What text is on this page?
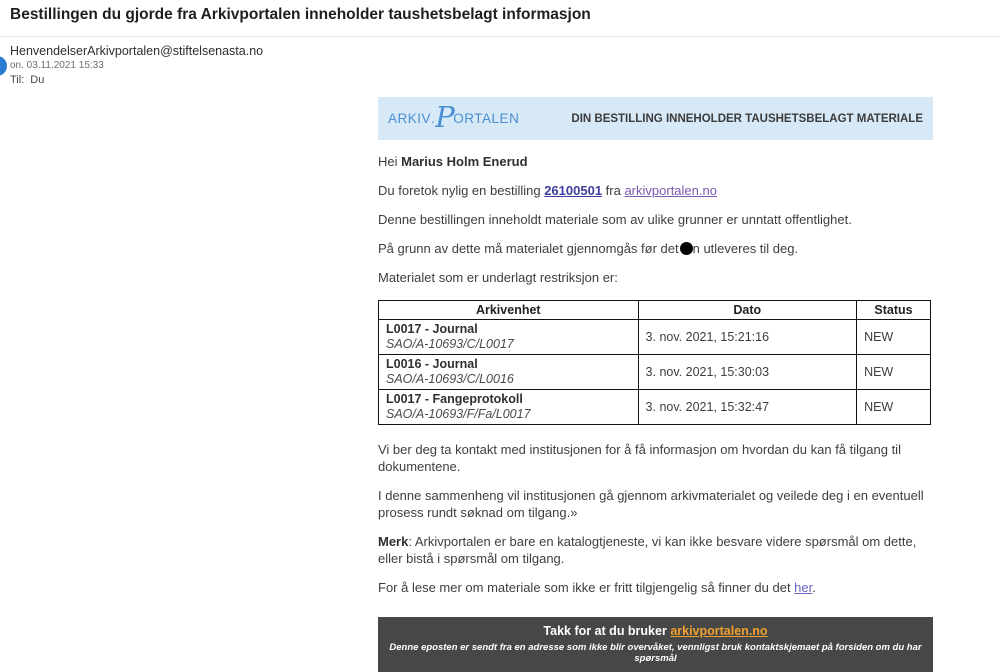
Bestillingen du gjorde fra Arkivportalen inneholder taushetsbelagt informasjon
HenvendelserArkivportalen@stiftelsenasta.no
on. 03.11.2021 15:33
Til: Du
ARKIV . P
ORTALEN	DIN BESTILLING INNEHOLDER TAUSHETSBELAGT MATERIALE

Hei Marius Holm Enerud

Du foretok nylig en bestilling 26100501 fra arkivportalen.no

Denne bestillingen inneholdt materiale som av ulike grunner er unntatt offentlighet.

På grunn av dette må materialet gjennomgås før det n utleveres til deg.

Materialet som er underlagt restriksjon er:

Arkivenhet	Dato	Status

L0017 - Journal
SAO/A-10693/C/L0017	3. nov. 2021, 15:21:16	NEW

L0016 - Journal
SAO/A-10693/C/L0016	3. nov. 2021, 15:30:03	NEW

L0017 - Fangeprotokoll
SAO/A-10693/F/Fa/L0017	3. nov. 2021, 15:32:47	NEW

Vi ber deg ta kontakt med institusjonen for å få informasjon om hvordan du kan få tilgang til dokumentene.

I denne sammenheng vil institusjonen gå gjennom arkivmaterialet og veilede deg i en eventuell prosess rundt søknad om tilgang.»

Merk: Arkivportalen er bare en katalogtjeneste, vi kan ikke besvare videre spørsmål om dette, eller bistå i spørsmål om tilgang.

For å lese mer om materiale som ikke er fritt tilgjengelig så finner du det her.

Takk for at du bruker arkivportalen.no
Denne eposten er sendt fra en adresse som ikke blir overvåket, vennligst bruk kontaktskjemaet på forsiden om du har spørsmål
